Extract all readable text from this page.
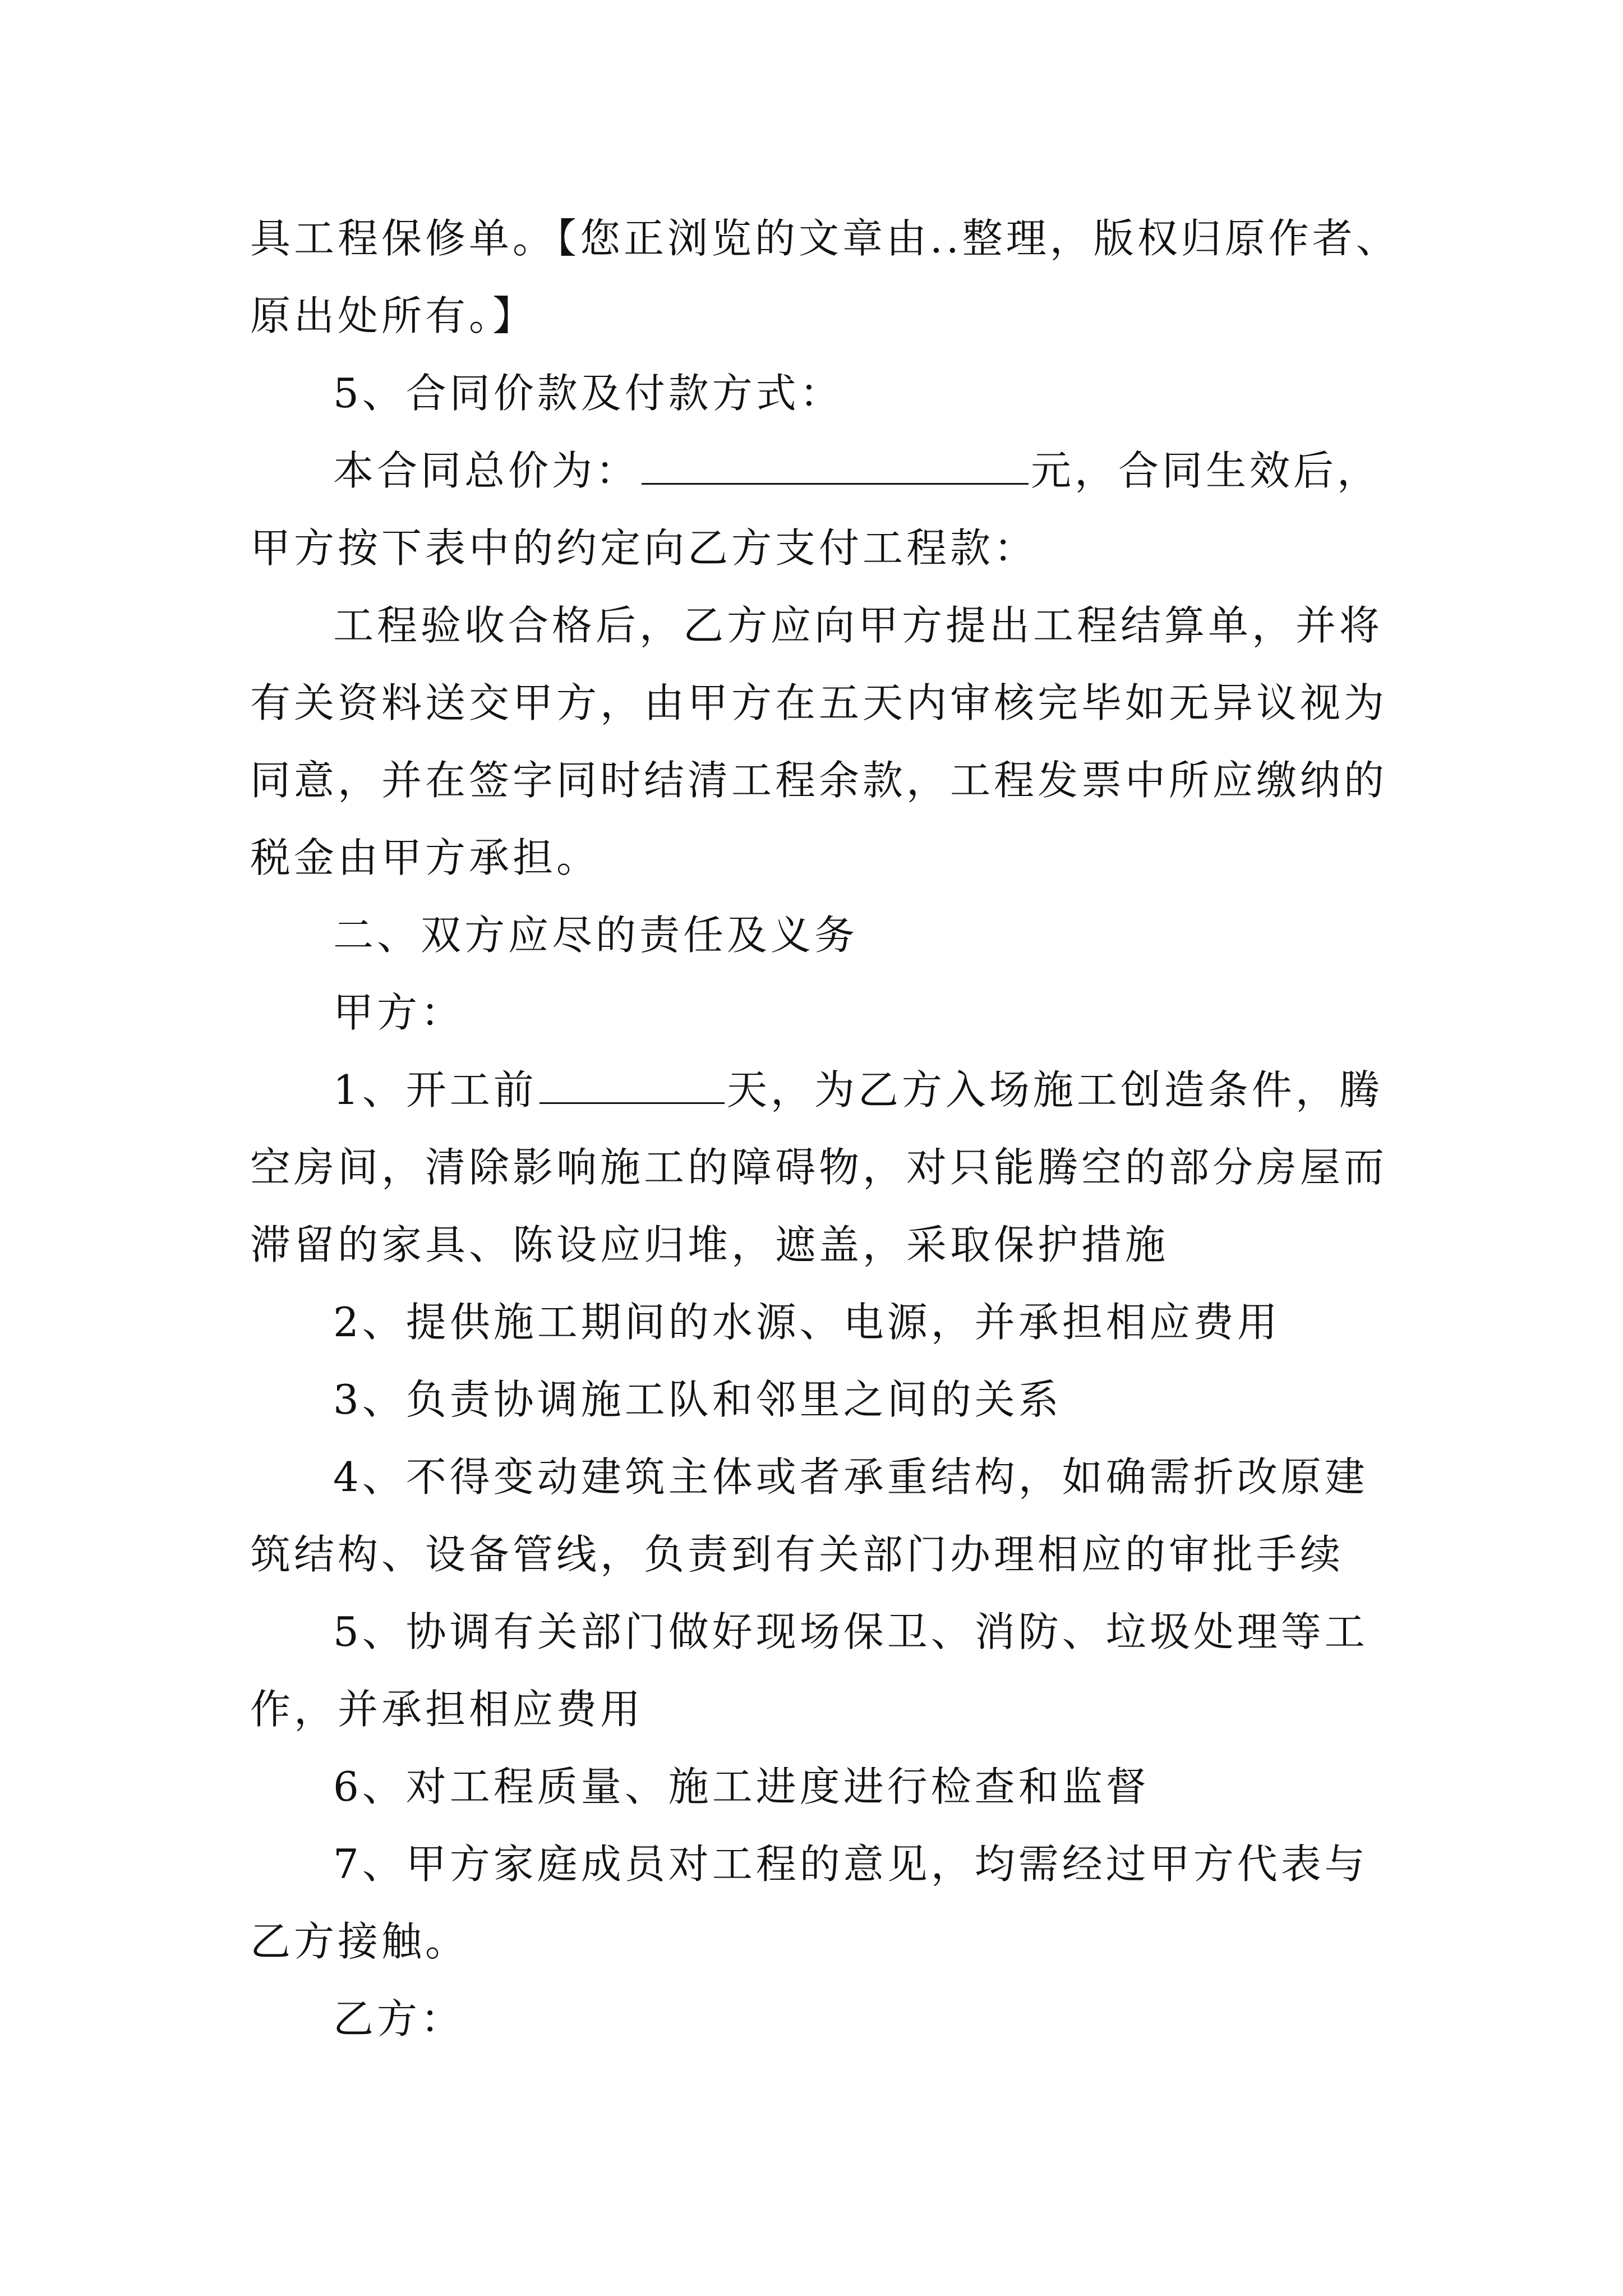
具工程保修单。【您正浏览的文章由..整理，版权归原作者、
原出处所有。】
5、合同价款及付款方式：
本合同总价为：	元，合同生效后，
甲方按下表中的约定向乙方支付工程款：
工程验收合格后，乙方应向甲方提出工程结算单，并将
有关资料送交甲方，由甲方在五天内审核完毕如无异议视为
同意，并在签字同时结清工程余款，工程发票中所应缴纳的
税金由甲方承担。
二、双方应尽的责任及义务
甲方：
1、开工前	天，为乙方入场施工创造条件，腾
空房间，清除影响施工的障碍物，对只能腾空的部分房屋而
滞留的家具、陈设应归堆，遮盖，采取保护措施
2、提供施工期间的水源、电源，并承担相应费用
3、负责协调施工队和邻里之间的关系
4、不得变动建筑主体或者承重结构，如确需折改原建
筑结构、设备管线，负责到有关部门办理相应的审批手续
5、协调有关部门做好现场保卫、消防、垃圾处理等工
作，并承担相应费用
6、对工程质量、施工进度进行检查和监督
7、甲方家庭成员对工程的意见，均需经过甲方代表与
乙方接触。
乙方：
